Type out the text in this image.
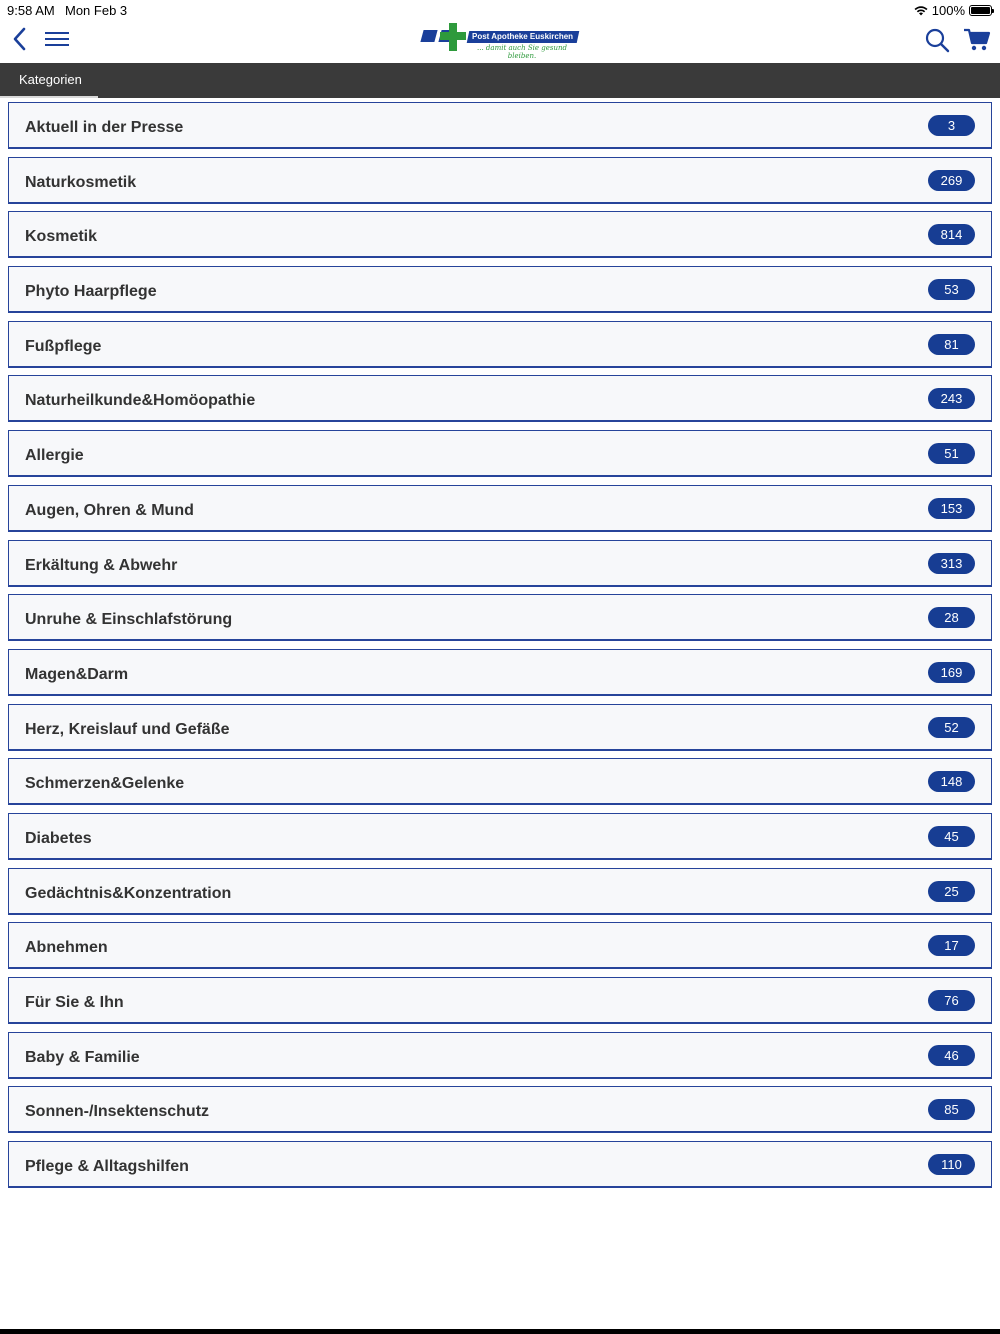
9:58 AM Mon Feb 3	100%
Post Apotheke Euskirchen
... damit auch Sie gesund bleiben.
Kategorien
Aktuell in der Presse	3
Naturkosmetik	269
Kosmetik	814
Phyto Haarpflege	53
Fußpflege	81
Naturheilkunde&Homöopathie	243
Allergie	51
Augen, Ohren & Mund	153
Erkältung & Abwehr	313
Unruhe & Einschlafstörung	28
Magen&Darm	169
Herz, Kreislauf und Gefäße	52
Schmerzen&Gelenke	148
Diabetes	45
Gedächtnis&Konzentration	25
Abnehmen	17
Für Sie & Ihn	76
Baby & Familie	46
Sonnen-/Insektenschutz	85
Pflege & Alltagshilfen	110
